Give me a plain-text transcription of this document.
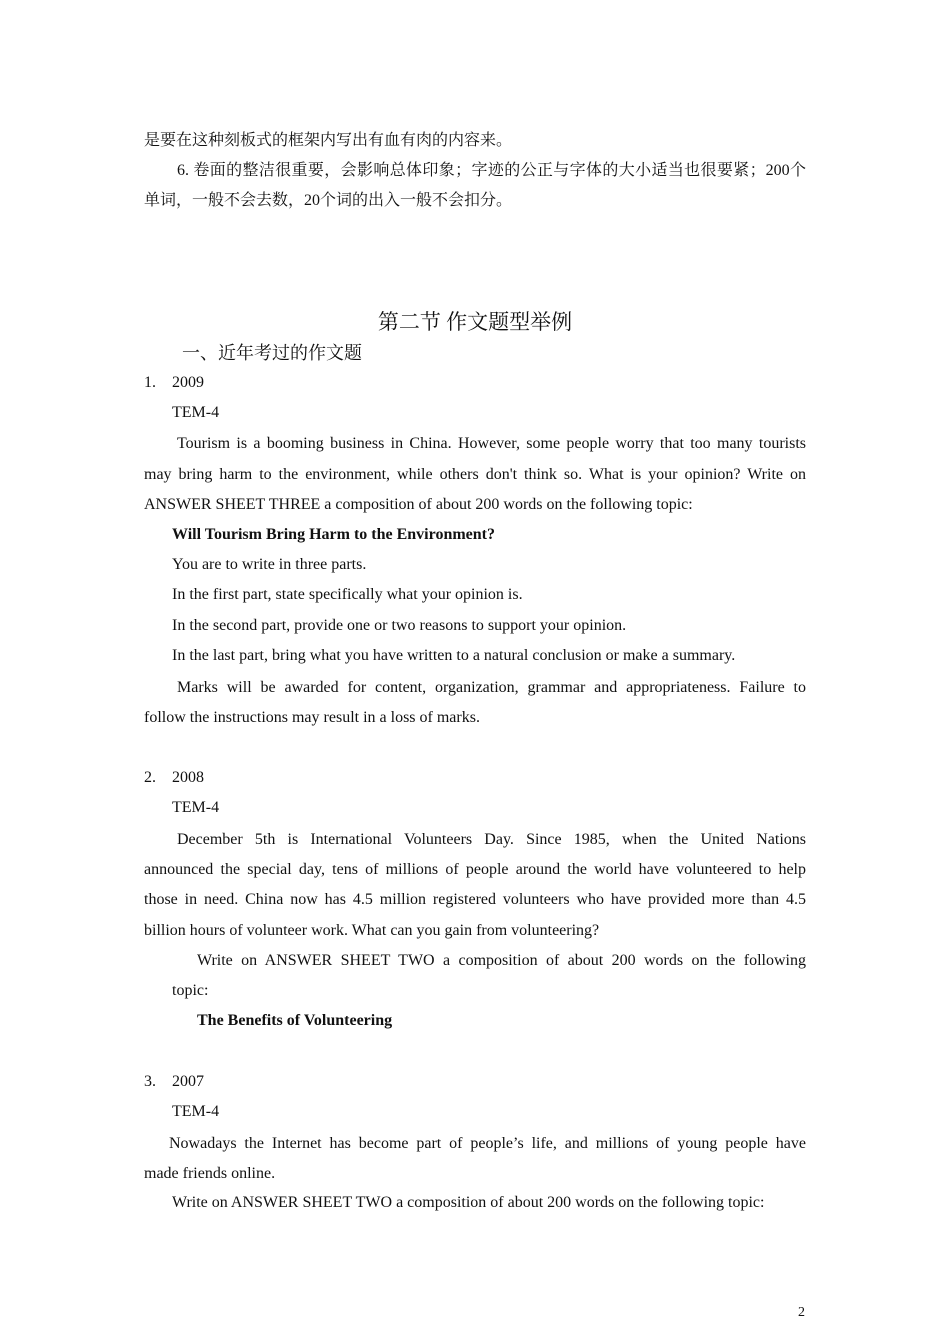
是要在这种刻板式的框架内写出有血有肉的内容来。
6. 卷面的整洁很重要，会影响总体印象；字迹的公正与字体的大小适当也很要紧；200个
单词，一般不会去数，20个词的出入一般不会扣分。
第二节 作文题型举例
一、近年考过的作文题
1. 2009
TEM-4
Tourism is a booming business in China. However, some people worry that too many tourists
may bring harm to the environment, while others don't think so. What is your opinion? Write on
ANSWER SHEET THREE a composition of about 200 words on the following topic:
Will Tourism Bring Harm to the Environment?
You are to write in three parts.
In the first part, state specifically what your opinion is.
In the second part, provide one or two reasons to support your opinion.
In the last part, bring what you have written to a natural conclusion or make a summary.
Marks will be awarded for content, organization, grammar and appropriateness. Failure to
follow the instructions may result in a loss of marks.
2. 2008
TEM-4
December 5th is International Volunteers Day. Since 1985, when the United Nations
announced the special day, tens of millions of people around the world have volunteered to help
those in need. China now has 4.5 million registered volunteers who have provided more than 4.5
billion hours of volunteer work. What can you gain from volunteering?
Write on ANSWER SHEET TWO a composition of about 200 words on the following
topic:
The Benefits of Volunteering
3. 2007
TEM-4
Nowadays the Internet has become part of people’s life, and millions of young people have
made friends online.
Write on ANSWER SHEET TWO a composition of about 200 words on the following topic:
2
